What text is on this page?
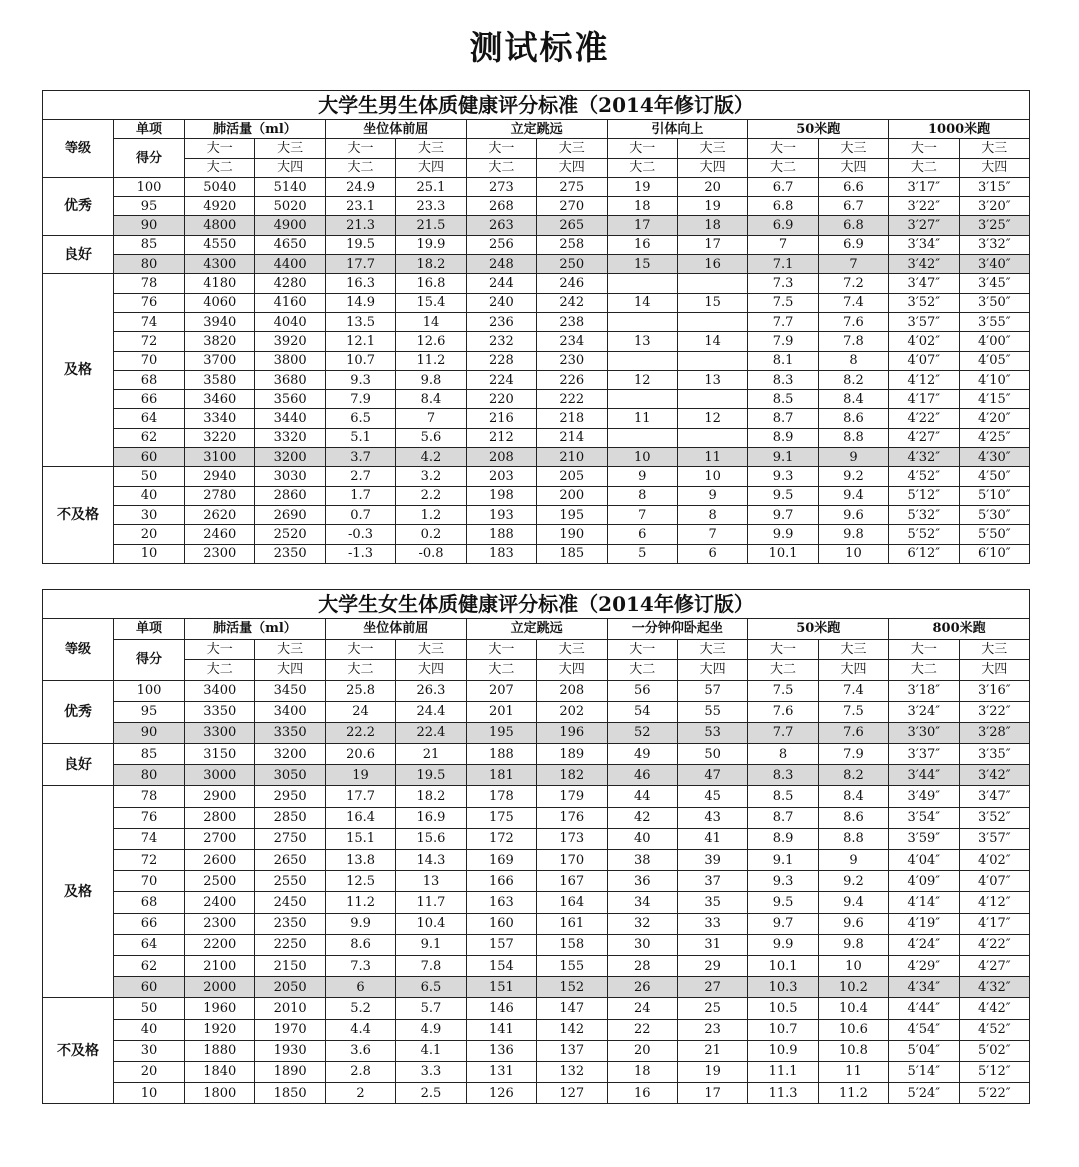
测试标准
大学生男生体质健康评分标准（2014年修订版）
等级	单项	肺活量（ml）		坐位体前屈		立定跳远		引体向上		50米跑		1000米跑	
	得分	大一	大三	大一	大三	大一	大三	大一	大三	大一	大三	大一	大三
		大二	大四	大二	大四	大二	大四	大二	大四	大二	大四	大二	大四
优秀	100	5040	5140	24.9	25.1	273	275	19	20	6.7	6.6	3′17″	3′15″
	95	4920	5020	23.1	23.3	268	270	18	19	6.8	6.7	3′22″	3′20″
	90	4800	4900	21.3	21.5	263	265	17	18	6.9	6.8	3′27″	3′25″
良好	85	4550	4650	19.5	19.9	256	258	16	17	7	6.9	3′34″	3′32″
	80	4300	4400	17.7	18.2	248	250	15	16	7.1	7	3′42″	3′40″
及格	78	4180	4280	16.3	16.8	244	246			7.3	7.2	3′47″	3′45″
	76	4060	4160	14.9	15.4	240	242	14	15	7.5	7.4	3′52″	3′50″
	74	3940	4040	13.5	14	236	238			7.7	7.6	3′57″	3′55″
	72	3820	3920	12.1	12.6	232	234	13	14	7.9	7.8	4′02″	4′00″
	70	3700	3800	10.7	11.2	228	230			8.1	8	4′07″	4′05″
	68	3580	3680	9.3	9.8	224	226	12	13	8.3	8.2	4′12″	4′10″
	66	3460	3560	7.9	8.4	220	222			8.5	8.4	4′17″	4′15″
	64	3340	3440	6.5	7	216	218	11	12	8.7	8.6	4′22″	4′20″
	62	3220	3320	5.1	5.6	212	214			8.9	8.8	4′27″	4′25″
	60	3100	3200	3.7	4.2	208	210	10	11	9.1	9	4′32″	4′30″
不及格	50	2940	3030	2.7	3.2	203	205	9	10	9.3	9.2	4′52″	4′50″
	40	2780	2860	1.7	2.2	198	200	8	9	9.5	9.4	5′12″	5′10″
	30	2620	2690	0.7	1.2	193	195	7	8	9.7	9.6	5′32″	5′30″
	20	2460	2520	-0.3	0.2	188	190	6	7	9.9	9.8	5′52″	5′50″
	10	2300	2350	-1.3	-0.8	183	185	5	6	10.1	10	6′12″	6′10″
大学生女生体质健康评分标准（2014年修订版）
等级	单项	肺活量（ml）		坐位体前屈		立定跳远		一分钟仰卧起坐		50米跑		800米跑	
	得分	大一	大三	大一	大三	大一	大三	大一	大三	大一	大三	大一	大三
		大二	大四	大二	大四	大二	大四	大二	大四	大二	大四	大二	大四
优秀	100	3400	3450	25.8	26.3	207	208	56	57	7.5	7.4	3′18″	3′16″
	95	3350	3400	24	24.4	201	202	54	55	7.6	7.5	3′24″	3′22″
	90	3300	3350	22.2	22.4	195	196	52	53	7.7	7.6	3′30″	3′28″
良好	85	3150	3200	20.6	21	188	189	49	50	8	7.9	3′37″	3′35″
	80	3000	3050	19	19.5	181	182	46	47	8.3	8.2	3′44″	3′42″
及格	78	2900	2950	17.7	18.2	178	179	44	45	8.5	8.4	3′49″	3′47″
	76	2800	2850	16.4	16.9	175	176	42	43	8.7	8.6	3′54″	3′52″
	74	2700	2750	15.1	15.6	172	173	40	41	8.9	8.8	3′59″	3′57″
	72	2600	2650	13.8	14.3	169	170	38	39	9.1	9	4′04″	4′02″
	70	2500	2550	12.5	13	166	167	36	37	9.3	9.2	4′09″	4′07″
	68	2400	2450	11.2	11.7	163	164	34	35	9.5	9.4	4′14″	4′12″
	66	2300	2350	9.9	10.4	160	161	32	33	9.7	9.6	4′19″	4′17″
	64	2200	2250	8.6	9.1	157	158	30	31	9.9	9.8	4′24″	4′22″
	62	2100	2150	7.3	7.8	154	155	28	29	10.1	10	4′29″	4′27″
	60	2000	2050	6	6.5	151	152	26	27	10.3	10.2	4′34″	4′32″
不及格	50	1960	2010	5.2	5.7	146	147	24	25	10.5	10.4	4′44″	4′42″
	40	1920	1970	4.4	4.9	141	142	22	23	10.7	10.6	4′54″	4′52″
	30	1880	1930	3.6	4.1	136	137	20	21	10.9	10.8	5′04″	5′02″
	20	1840	1890	2.8	3.3	131	132	18	19	11.1	11	5′14″	5′12″
	10	1800	1850	2	2.5	126	127	16	17	11.3	11.2	5′24″	5′22″
